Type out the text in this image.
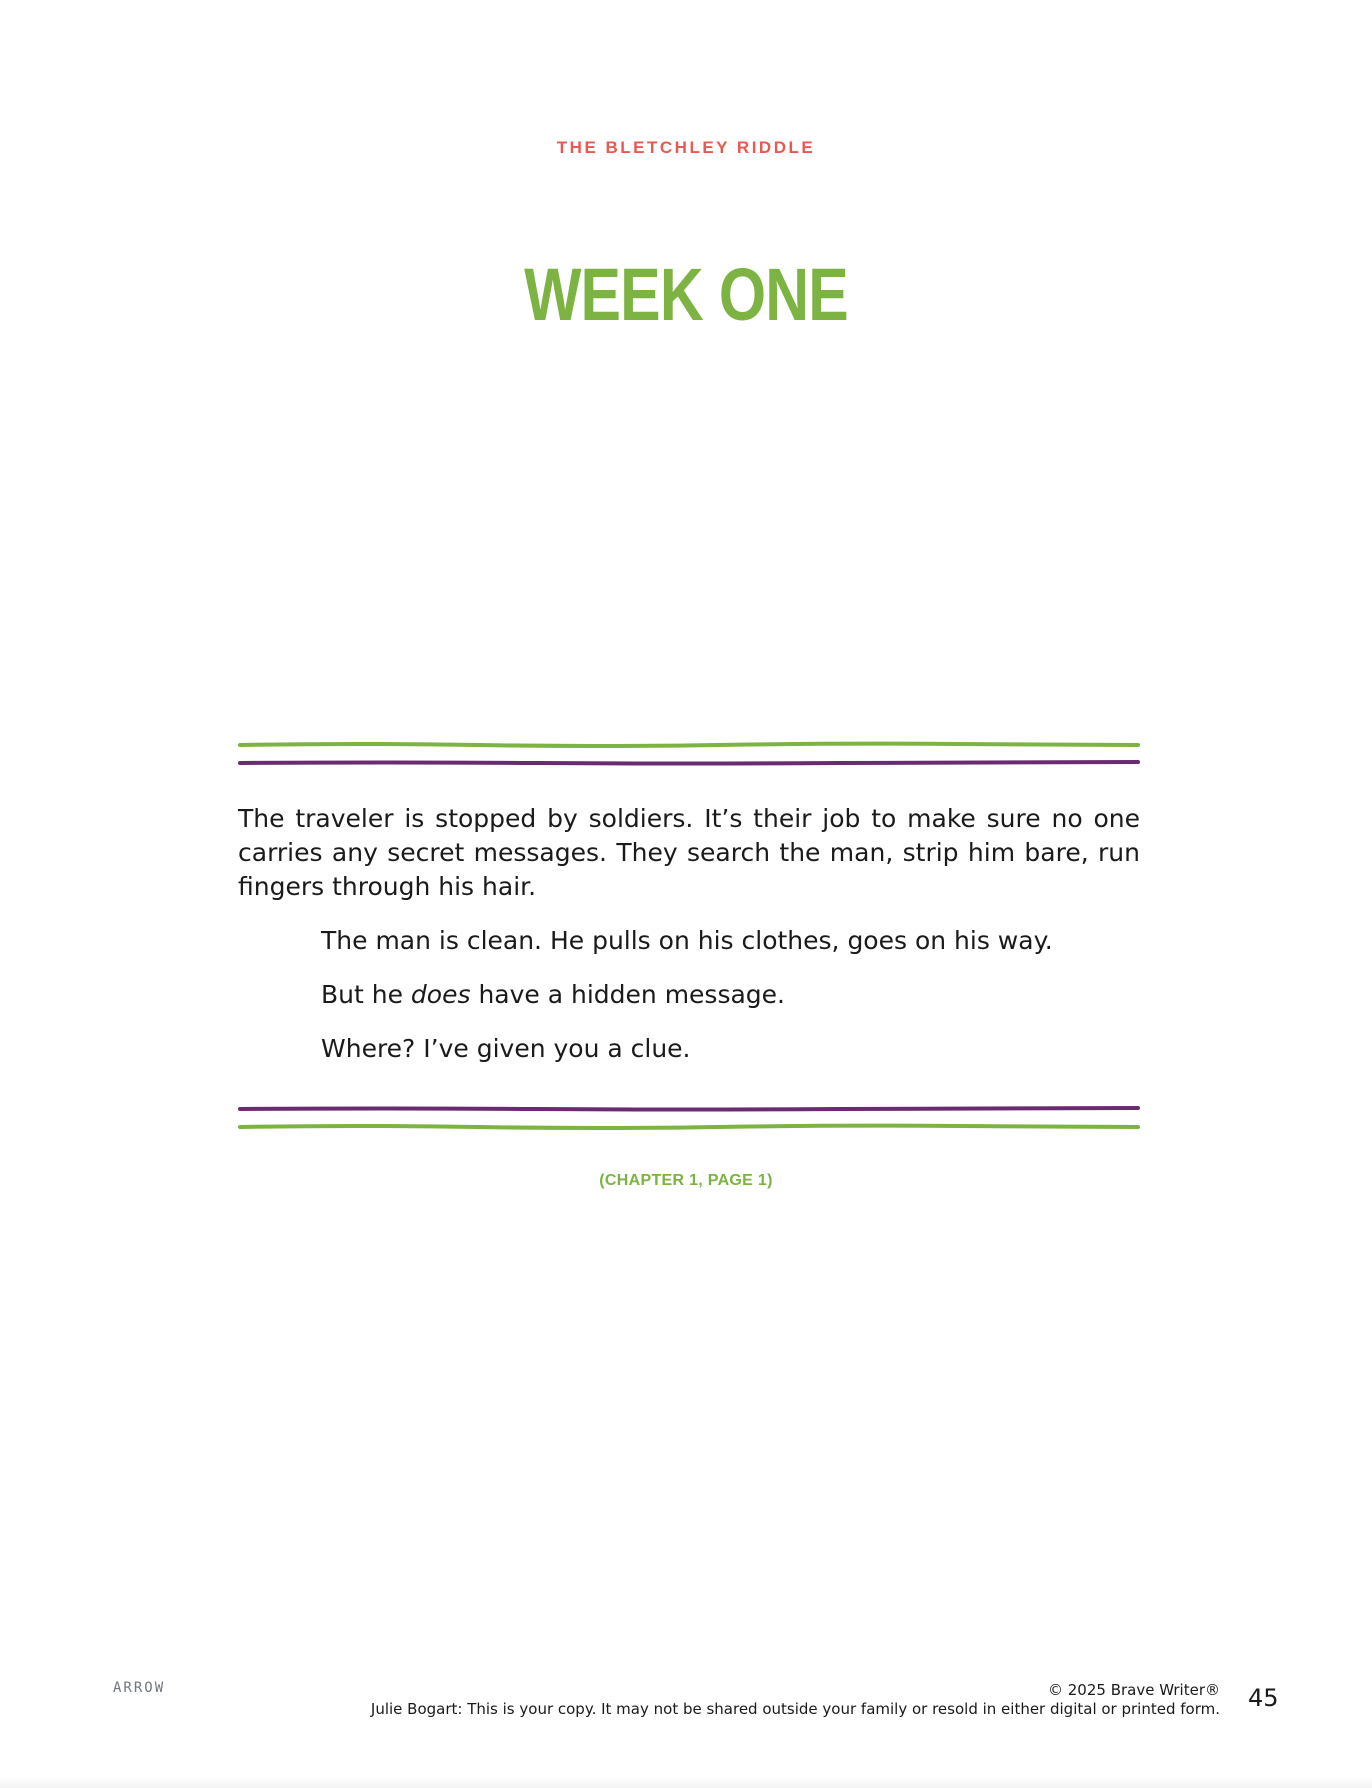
THE BLETCHLEY RIDDLE
WEEK ONE

The traveler is stopped by soldiers. It’s their job to make sure no one carries any secret messages. They search the man, strip him bare, run fingers through his hair.

The man is clean. He pulls on his clothes, goes on his way.

But he does have a hidden message.

Where? I’ve given you a clue.

(CHAPTER 1, PAGE 1)
ARROW	© 2025 Brave Writer®
Julie Bogart: This is your copy. It may not be shared outside your family or resold in either digital or printed form. 45
